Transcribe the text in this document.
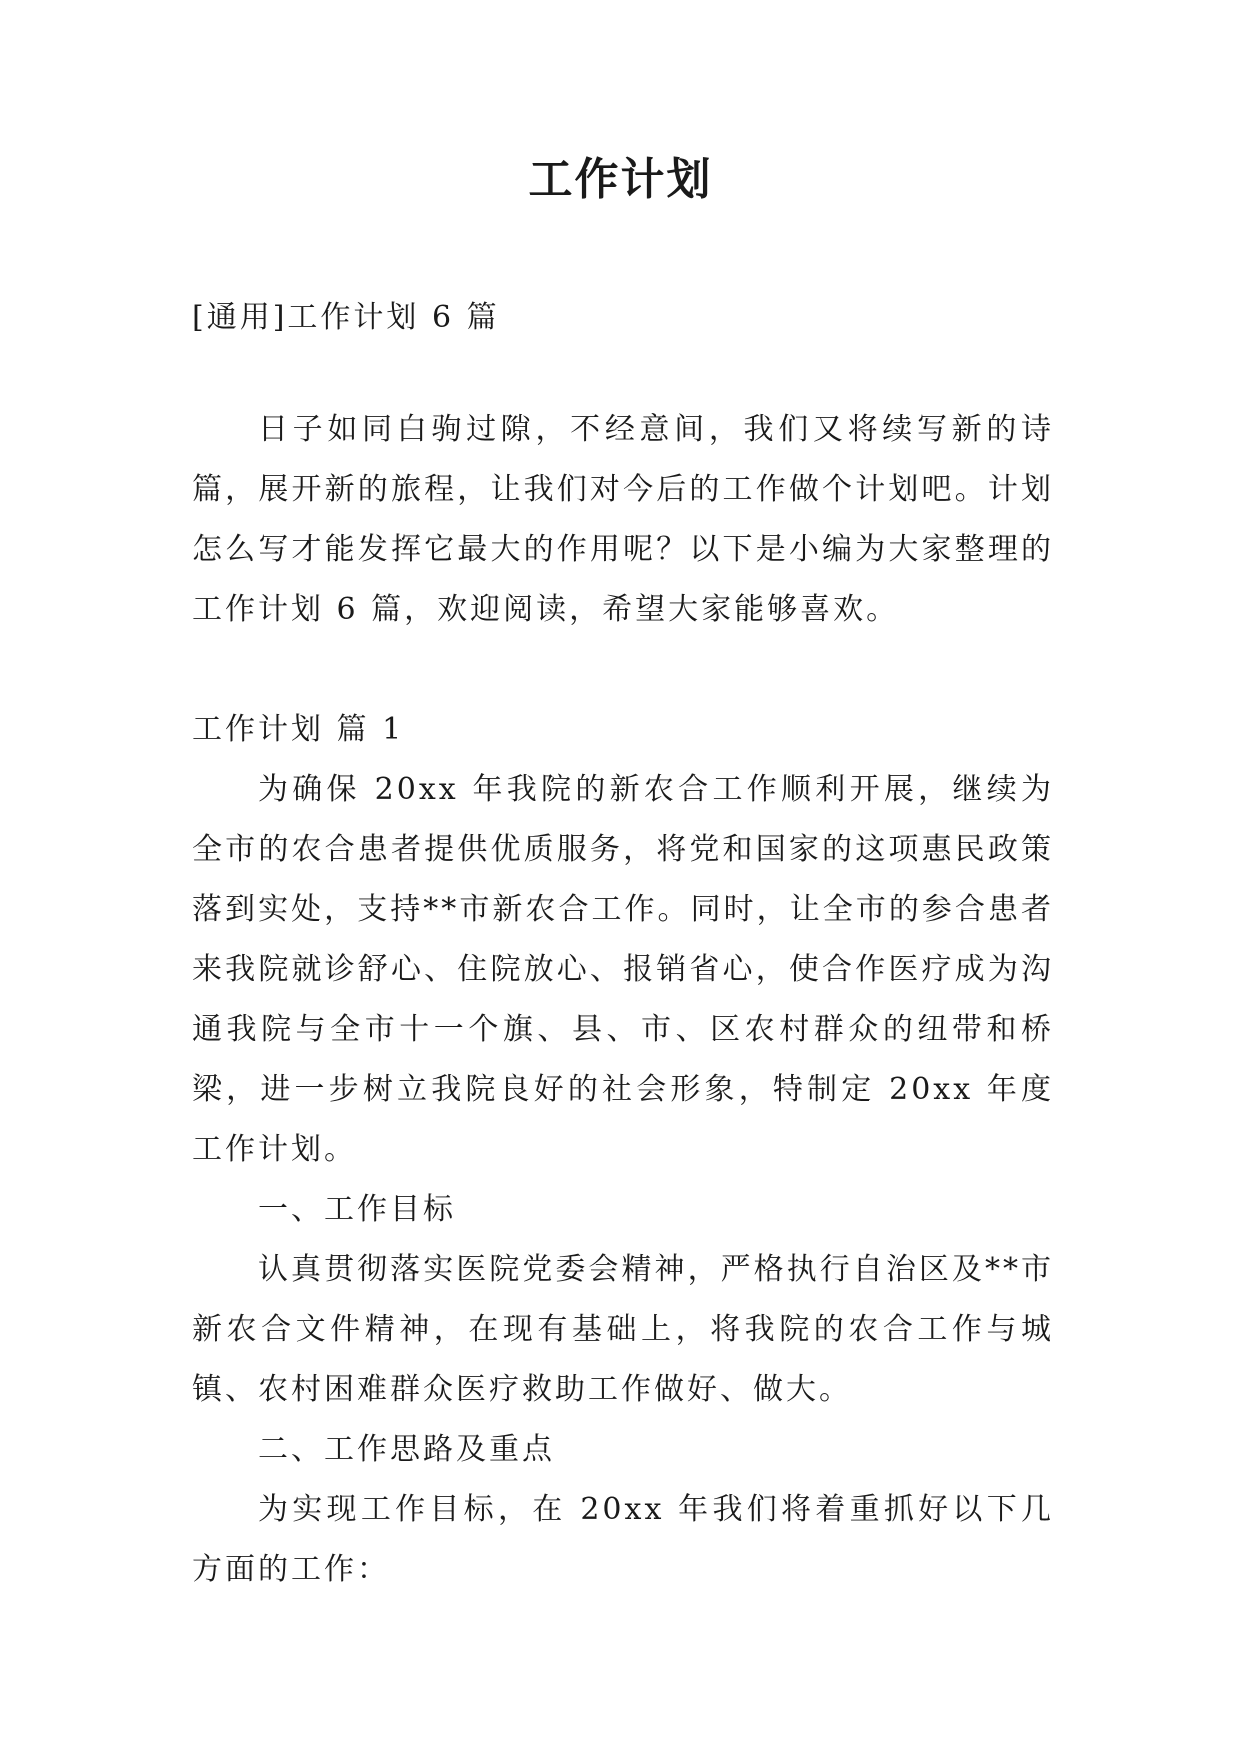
工作计划
[通用]工作计划 6 篇

日子如同白驹过隙，不经意间，我们又将续写新的诗篇，展开新的旅程，让我们对今后的工作做个计划吧。计划怎么写才能发挥它最大的作用呢？以下是小编为大家整理的工作计划 6 篇，欢迎阅读，希望大家能够喜欢。

工作计划 篇 1

为确保 20xx 年我院的新农合工作顺利开展，继续为全市的农合患者提供优质服务，将党和国家的这项惠民政策落到实处，支持**市新农合工作。同时，让全市的参合患者来我院就诊舒心、住院放心、报销省心，使合作医疗成为沟通我院与全市十一个旗、县、市、区农村群众的纽带和桥梁，进一步树立我院良好的社会形象，特制定 20xx 年度工作计划。

一、工作目标

认真贯彻落实医院党委会精神，严格执行自治区及**市新农合文件精神，在现有基础上，将我院的农合工作与城镇、农村困难群众医疗救助工作做好、做大。

二、工作思路及重点

为实现工作目标，在 20xx 年我们将着重抓好以下几方面的工作：
